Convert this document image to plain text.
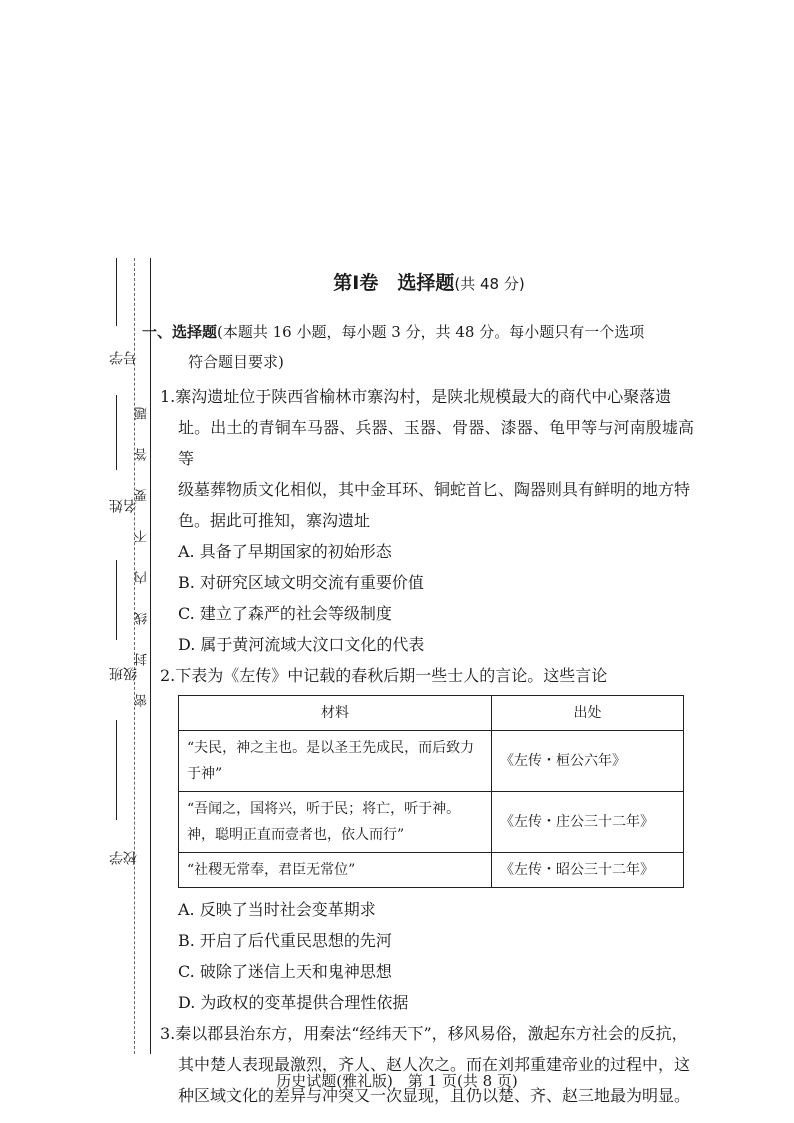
学号
姓名
班级
学校
密封线内不要答题
第Ⅰ卷　选择题(共 48 分)

一、选择题(本题共 16 小题，每小题 3 分，共 48 分。每小题只有一个选项

符合题目要求)

1.寨沟遗址位于陕西省榆林市寨沟村，是陕北规模最大的商代中心聚落遗

址。出土的青铜车马器、兵器、玉器、骨器、漆器、龟甲等与河南殷墟高等

级墓葬物质文化相似，其中金耳环、铜蛇首匕、陶器则具有鲜明的地方特

色。据此可推知，寨沟遗址

A. 具备了早期国家的初始形态

B. 对研究区域文明交流有重要价值

C. 建立了森严的社会等级制度

D. 属于黄河流域大汶口文化的代表

2.下表为《左传》中记载的春秋后期一些士人的言论。这些言论

材料	出处
“夫民，神之主也。是以圣王先成民，而后致力于神”	《左传・桓公六年》
“吾闻之，国将兴，听于民；将亡，听于神。神，聪明正直而壹者也，依人而行”	《左传・庄公三十二年》
“社稷无常奉，君臣无常位”	《左传・昭公三十二年》

A. 反映了当时社会变革期求

B. 开启了后代重民思想的先河

C. 破除了迷信上天和鬼神思想

D. 为政权的变革提供合理性依据

3.秦以郡县治东方，用秦法“经纬天下”，移风易俗，激起东方社会的反抗，

其中楚人表现最激烈，齐人、赵人次之。而在刘邦重建帝业的过程中，这

种区域文化的差异与冲突又一次显现，且仍以楚、齐、赵三地最为明显。

历史试题(雅礼版)　第 1 页(共 8 页)
